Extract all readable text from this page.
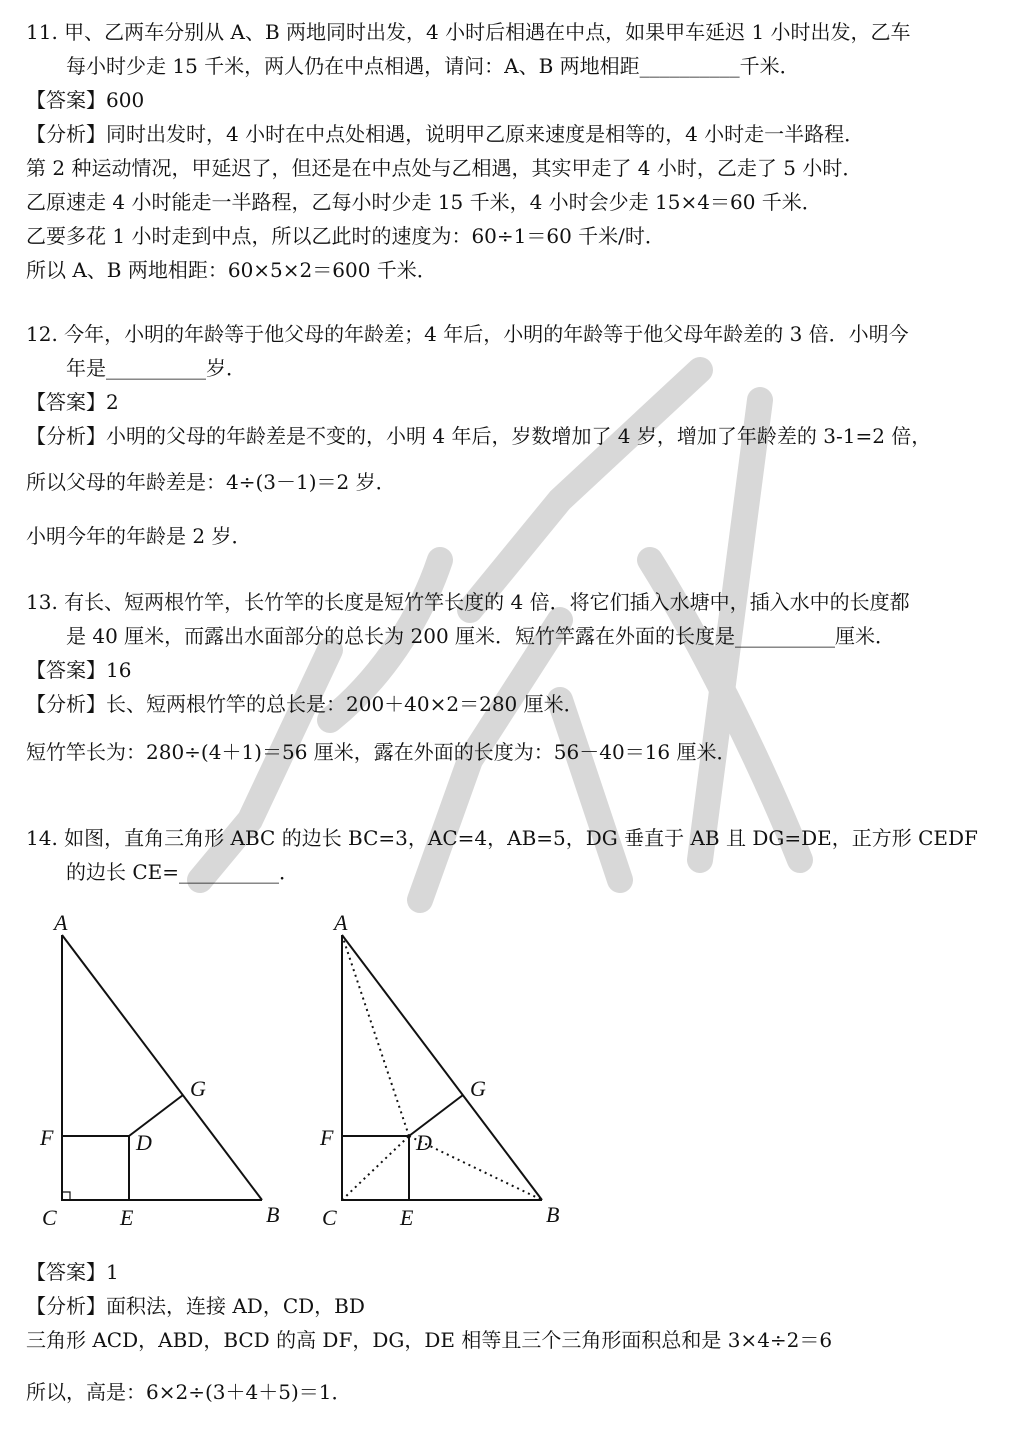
11. 甲、乙两车分别从 A、B 两地同时出发，4 小时后相遇在中点，如果甲车延迟 1 小时出发，乙车
每小时少走 15 千米，两人仍在中点相遇，请问：A、B 两地相距__________千米．
【答案】600
【分析】同时出发时，4 小时在中点处相遇，说明甲乙原来速度是相等的，4 小时走一半路程．
第 2 种运动情况，甲延迟了，但还是在中点处与乙相遇，其实甲走了 4 小时，乙走了 5 小时．
乙原速走 4 小时能走一半路程，乙每小时少走 15 千米，4 小时会少走 15×4＝60 千米．
乙要多花 1 小时走到中点，所以乙此时的速度为：60÷1＝60 千米/时．
所以 A、B 两地相距：60×5×2＝600 千米．
12. 今年，小明的年龄等于他父母的年龄差；4 年后，小明的年龄等于他父母年龄差的 3 倍．小明今
年是__________岁．
【答案】2
【分析】小明的父母的年龄差是不变的，小明 4 年后，岁数增加了 4 岁，增加了年龄差的 3-1=2 倍，
所以父母的年龄差是：4÷(3－1)＝2 岁．
小明今年的年龄是 2 岁．
13. 有长、短两根竹竿，长竹竿的长度是短竹竿长度的 4 倍．将它们插入水塘中，插入水中的长度都
是 40 厘米，而露出水面部分的总长为 200 厘米．短竹竿露在外面的长度是__________厘米．
【答案】16
【分析】长、短两根竹竿的总长是：200＋40×2＝280 厘米．
短竹竿长为：280÷(4＋1)＝56 厘米，露在外面的长度为：56－40＝16 厘米．
14. 如图，直角三角形 ABC 的边长 BC=3，AC=4，AB=5，DG 垂直于 AB 且 DG=DE，正方形 CEDF
的边长 CE=__________．
A
F	D
G
C	E	B
A
F	D
G
C	E	B
【答案】1
【分析】面积法，连接 AD，CD，BD
三角形 ACD，ABD，BCD 的高 DF，DG，DE 相等且三个三角形面积总和是 3×4÷2＝6
所以，高是：6×2÷(3＋4＋5)＝1．
